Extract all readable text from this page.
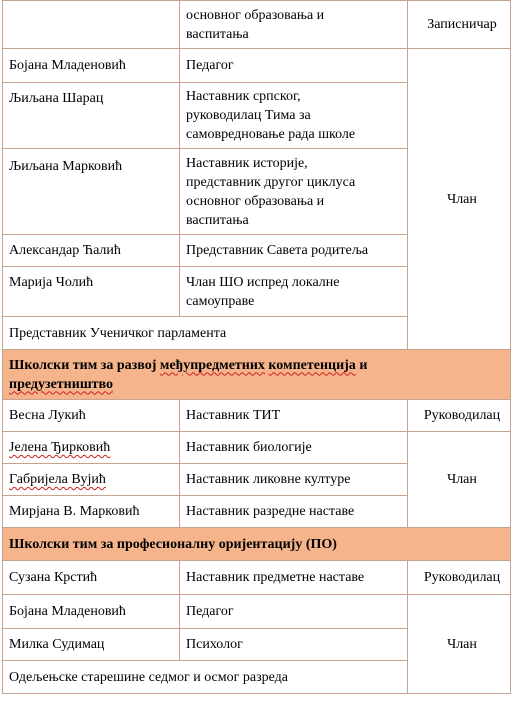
	основног образовања и
васпитања	Записничар
Бојана Младеновић	Педагог	Члан
Љиљана Шарац	Наставник српског,
руководилац Тима за
самовредновање рада школе	
Љиљана Марковић	Наставник историје,
представник другог циклуса
основног образовања и
васпитања	
Александар Ћалић	Представник Савета родитеља	
Марија Чолић	Члан ШО испред локалне
самоуправе	
Представник Ученичког парламента		

Школски тим за развој међупредметних компетенција и
предузетништво		

Весна Лукић	Наставник ТИТ	Руководилац
Јелена Ђирковић	Наставник биологије	Члан
Габријела Вујић	Наставник ликовне културе	
Мирјана В. Марковић	Наставник разредне наставе	
Школски тим за професионалну оријентацију (ПО)		
Сузана Крстић	Наставник предметне наставе	Руководилац
Бојана Младеновић	Педагог	Члан
Милка Судимац	Психолог	
Одељењске старешине седмог и осмог разреда		
